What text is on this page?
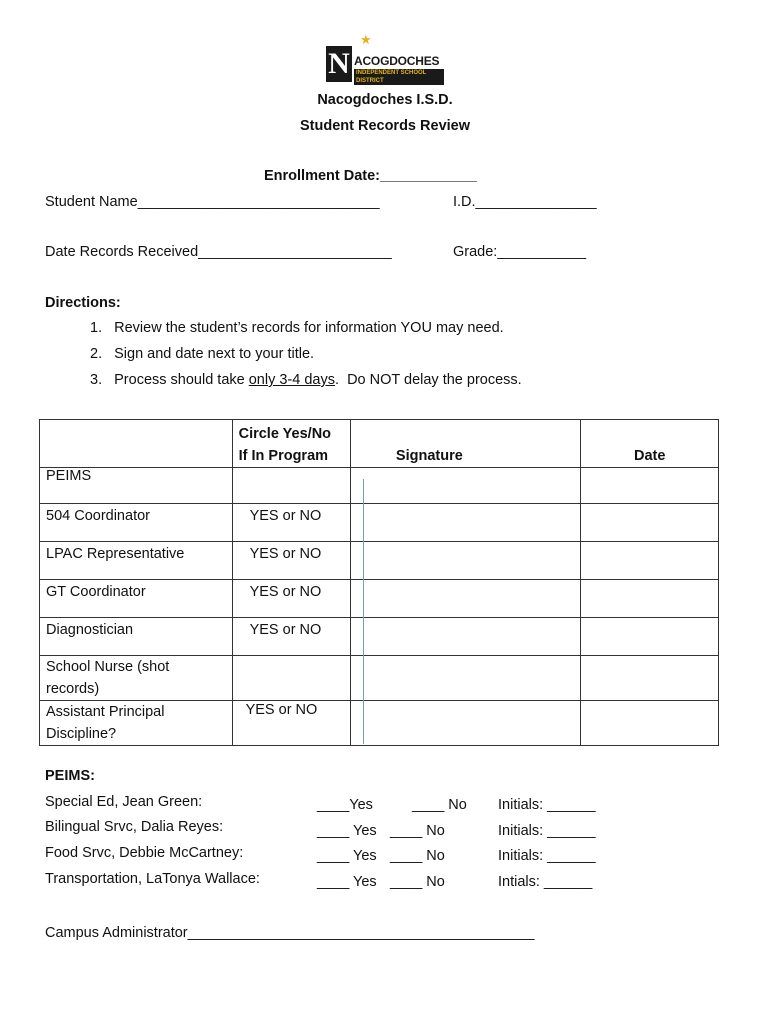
★
N ACOGDOCHES
INDEPENDENT SCHOOL DISTRICT
Nacogdoches I.S.D.
Student Records Review
Enrollment Date:____________
Student Name______________________________	I.D._______________
Date Records Received________________________	Grade:___________
Directions:
1. Review the student’s records for information YOU may need.
2. Sign and date next to your title.
3. Process should take only 3-4 days.  Do NOT delay the process.

	Circle Yes/No
If In Program	Signature	Date
PEIMS			
504 Coordinator	YES or NO		
LPAC Representative	YES or NO		
GT Coordinator	YES or NO		
Diagnostician	YES or NO		
School Nurse (shot records)			
Assistant Principal Discipline?	YES or NO		
PEIMS:
Special Ed, Jean Green:	____Yes	____ No Initials: ______
Bilingual Srvc, Dalia Reyes:	____ Yes ____ No	Initials: ______
Food Srvc, Debbie McCartney:	____ Yes ____ No	Initials: ______
Transportation, LaTonya Wallace:	____ Yes ____ No	Intials: ______
Campus Administrator___________________________________________
